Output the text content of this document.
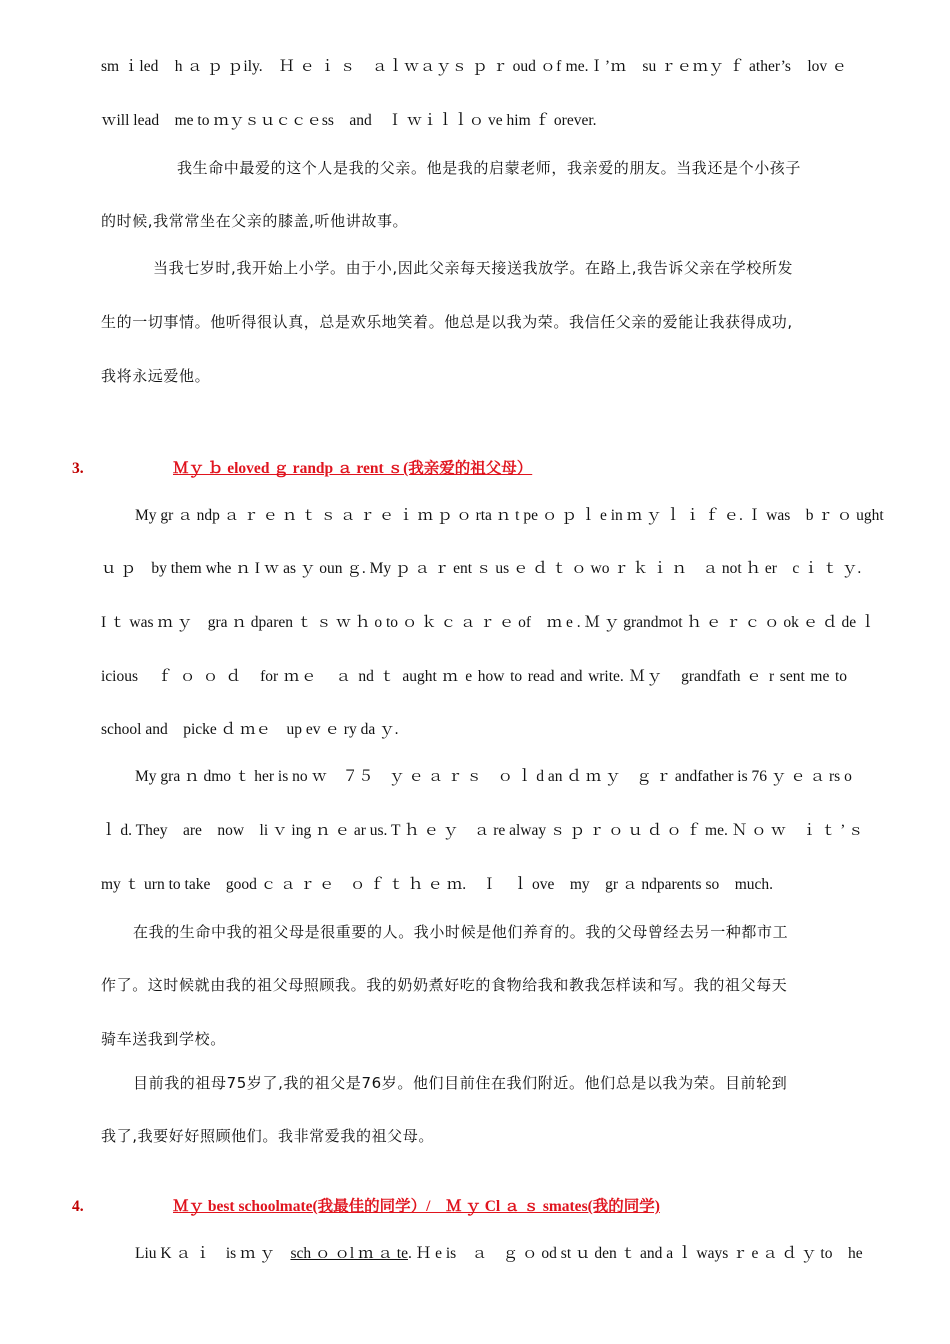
sm ｉled　h ａ ｐ ｐily.　Ｈ ｅ ｉ ｓ　ａｌｗａｙｓ ｐ ｒ oud ｏf me.Ｉ’ｍ　su ｒｅｍｙ ｆ ather’s　lov ｅ
ｗill lead　me to ｍｙｓｕｃｃｅss　and　Ｉ ｗｉｌｌｏ ve him ｆ orever.
我生命中最爱的这个人是我的父亲。他是我的启蒙老师，我亲爱的朋友。当我还是个小孩子
的时候,我常常坐在父亲的膝盖,听他讲故事。
当我七岁时,我开始上小学。由于小,因此父亲每天接送我放学。在路上,我告诉父亲在学校所发
生的一切事情。他听得很认真，总是欢乐地笑着。他总是以我为荣。我信任父亲的爱能让我获得成功,
我将永远爱他。
3.	Ｍｙ ｂ eloved ｇ randp ａ rent ｓ(我亲爱的祖父母）
My gr ａ ndp ａ ｒ ｅ ｎ ｔ ｓ ａ ｒ ｅ ｉ ｍ ｐ ｏ rta ｎ t pe ｏ ｐ ｌ e in ｍ ｙ ｌ ｉ ｆ ｅ. Ｉ was　b ｒ ｏ ught
ｕ ｐ　by them whe ｎ I ｗ as ｙ oun ｇ. My ｐ ａ ｒ ent ｓ us ｅ ｄ ｔ ｏ wo ｒ ｋ ｉ ｎ　ａ not ｈ er　c ｉ ｔ ｙ.
I ｔ was ｍ ｙ　gra ｎ dparen ｔ ｓ ｗ ｈ o to ｏ ｋ ｃ ａ ｒ ｅ of　ｍ e . Ｍ ｙ grandmot ｈ ｅ ｒ ｃ ｏ ok ｅ ｄ de ｌ
icious　ｆ ｏ ｏ ｄ　for ｍｅ　ａ nd ｔ aught ｍ e how to read and write. Ｍｙ　grandfath ｅ r sent me to
school and　picke ｄ ｍｅ　up ev ｅ ry da ｙ.
My gra ｎ dmo ｔ her is no ｗ　７５　ｙ ｅ ａ ｒ ｓ　ｏ ｌ d an ｄ ｍ ｙ　ｇ ｒ andfather is 76 ｙ ｅ ａ rs o
ｌ d. They　are　now　li ｖ ing ｎ ｅ ar us. T ｈ ｅ ｙ　ａ re alway ｓ ｐ ｒ ｏ ｕ ｄ ｏ ｆ me. Ｎ ｏ ｗ　ｉ ｔ ’ ｓ
my ｔ urn to take　good ｃ ａ ｒ ｅ　ｏ ｆ ｔ ｈ ｅ ｍ.　Ｉ　ｌ ove　my　gr ａ ndparents so　much.
在我的生命中我的祖父母是很重要的人。我小时候是他们养育的。我的父母曾经去另一种都市工
作了。这时候就由我的祖父母照顾我。我的奶奶煮好吃的食物给我和教我怎样读和写。我的祖父每天
骑车送我到学校。
目前我的祖母75岁了,我的祖父是76岁。他们目前住在我们附近。他们总是以我为荣。目前轮到
我了,我要好好照顾他们。我非常爱我的祖父母。
4.	Ｍｙ best schoolmate(我最佳的同学）/　Ｍ ｙ Cl ａ ｓ smates(我的同学)
Liu K ａ ｉ　is ｍ ｙ　sch ｏ ｏl ｍ ａ te. Ｈ e is　ａ　ｇ ｏ od st ｕ den ｔ and a ｌ ways ｒ e ａ ｄ ｙ to　he
